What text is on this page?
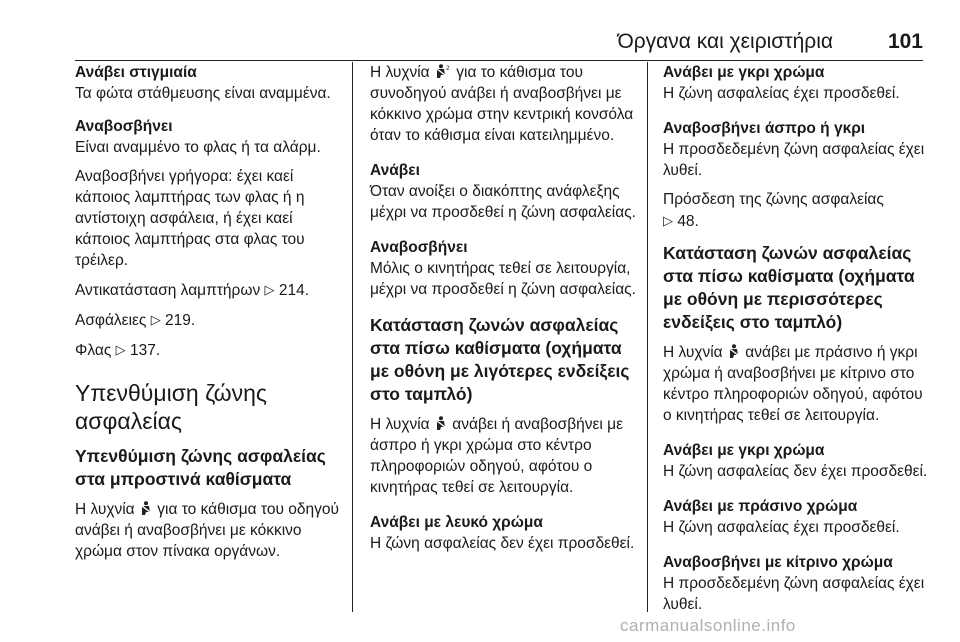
Όργανα και χειριστήρια	101
Ανάβει στιγμιαία

Τα φώτα στάθμευσης είναι αναμμένα.

Αναβοσβήνει

Είναι αναμμένο το φλας ή τα αλάρμ.

Αναβοσβήνει γρήγορα: έχει καεί κάποιος λαμπτήρας των φλας ή η αντίστοιχη ασφάλεια, ή έχει καεί κάποιος λαμπτήρας στα φλας του τρέιλερ.

Αντικατάσταση λαμπτήρων ▷ 214.

Ασφάλειες ▷ 219.

Φλας ▷ 137.

Υπενθύμιση ζώνης ασφαλείας
Υπενθύμιση ζώνης ασφαλείας στα μπροστινά καθίσματα

Η λυχνία για το κάθισμα του οδηγού ανάβει ή αναβοσβήνει με κόκκινο χρώμα στον πίνακα οργάνων.

Η λυχνία	2 για το κάθισμα του συνοδηγού ανάβει ή αναβοσβήνει με κόκκινο χρώμα στην κεντρική κονσόλα όταν το κάθισμα είναι κατειλημμένο.
Ανάβει

Όταν ανοίξει ο διακόπτης ανάφλεξης μέχρι να προσδεθεί η ζώνη ασφαλείας.

Αναβοσβήνει

Μόλις ο κινητήρας τεθεί σε λειτουργία, μέχρι να προσδεθεί η ζώνη ασφαλείας.

Κατάσταση ζωνών ασφαλείας στα πίσω καθίσματα (οχήματα με οθόνη με λιγότερες ενδείξεις στο ταμπλό)

Η λυχνία ανάβει ή αναβοσβήνει με άσπρο ή γκρι χρώμα στο κέντρο πληροφοριών οδηγού, αφότου ο κινητήρας τεθεί σε λειτουργία.

Ανάβει με λευκό χρώμα

Η ζώνη ασφαλείας δεν έχει προσδεθεί.

Ανάβει με γκρι χρώμα

Η ζώνη ασφαλείας έχει προσδεθεί.

Αναβοσβήνει άσπρο ή γκρι

Η προσδεδεμένη ζώνη ασφαλείας έχει λυθεί.

Πρόσδεση της ζώνης ασφαλείας
▷ 48.

Κατάσταση ζωνών ασφαλείας στα πίσω καθίσματα (οχήματα με οθόνη με περισσότερες ενδείξεις στο ταμπλό)

Η λυχνία ανάβει με πράσινο ή γκρι χρώμα ή αναβοσβήνει με κίτρινο στο κέντρο πληροφοριών οδηγού, αφότου ο κινητήρας τεθεί σε λειτουργία.

Ανάβει με γκρι χρώμα

Η ζώνη ασφαλείας δεν έχει προσδεθεί.

Ανάβει με πράσινο χρώμα

Η ζώνη ασφαλείας έχει προσδεθεί.

Αναβοσβήνει με κίτρινο χρώμα

Η προσδεδεμένη ζώνη ασφαλείας έχει λυθεί.

carmanualsonline.info
